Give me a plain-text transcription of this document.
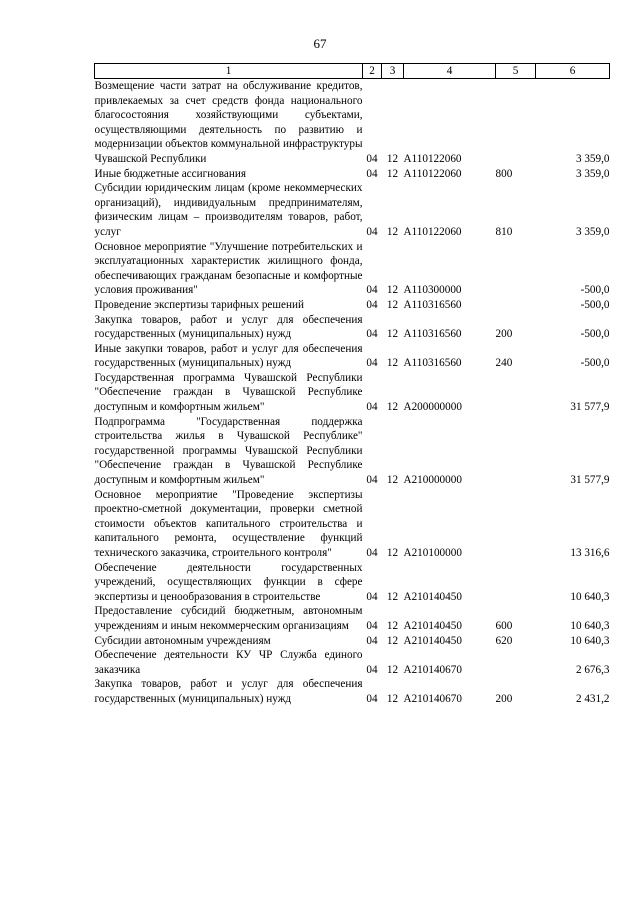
67
1	2	3	4	5	6
Возмещение части затрат на обслуживание кредитов, привлекаемых за счет средств фонда национального благосостояния хозяйствующими субъектами, осуществляющими деятельность по развитию и модернизации объектов коммунальной инфраструктуры Чувашской Республики	04	12	А110122060		3 359,0
Иные бюджетные ассигнования	04	12	А110122060	800	3 359,0
Субсидии юридическим лицам (кроме некоммерческих организаций), индивидуальным предпринимателям, физическим лицам – производителям товаров, работ, услуг	04	12	А110122060	810	3 359,0
Основное мероприятие "Улучшение потребительских и эксплуатационных характеристик жилищного фонда, обеспечивающих гражданам безопасные и комфортные условия проживания"	04	12	А110300000		-500,0
Проведение экспертизы тарифных решений	04	12	А110316560		-500,0
Закупка товаров, работ и услуг для обеспечения государственных (муниципальных) нужд	04	12	А110316560	200	-500,0
Иные закупки товаров, работ и услуг для обеспечения государственных (муниципальных) нужд	04	12	А110316560	240	-500,0
Государственная программа Чувашской Республики "Обеспечение граждан в Чувашской Республике доступным и комфортным жильем"	04	12	А200000000		31 577,9
Подпрограмма "Государственная поддержка строительства жилья в Чувашской Республике" государственной программы Чувашской Республики "Обеспечение граждан в Чувашской Республике доступным и комфортным жильем"	04	12	А210000000		31 577,9
Основное мероприятие "Проведение экспертизы проектно-сметной документации, проверки сметной стоимости объектов капитального строительства и капитального ремонта, осуществление функций технического заказчика, строительного контроля"	04	12	А210100000		13 316,6
Обеспечение деятельности государственных учреждений, осуществляющих функции в сфере экспертизы и ценообразования в строительстве	04	12	А210140450		10 640,3
Предоставление субсидий бюджетным, автономным учреждениям и иным некоммерческим организациям	04	12	А210140450	600	10 640,3
Субсидии автономным учреждениям	04	12	А210140450	620	10 640,3
Обеспечение деятельности КУ ЧР Служба единого заказчика	04	12	А210140670		2 676,3
Закупка товаров, работ и услуг для обеспечения государственных (муниципальных) нужд	04	12	А210140670	200	2 431,2
